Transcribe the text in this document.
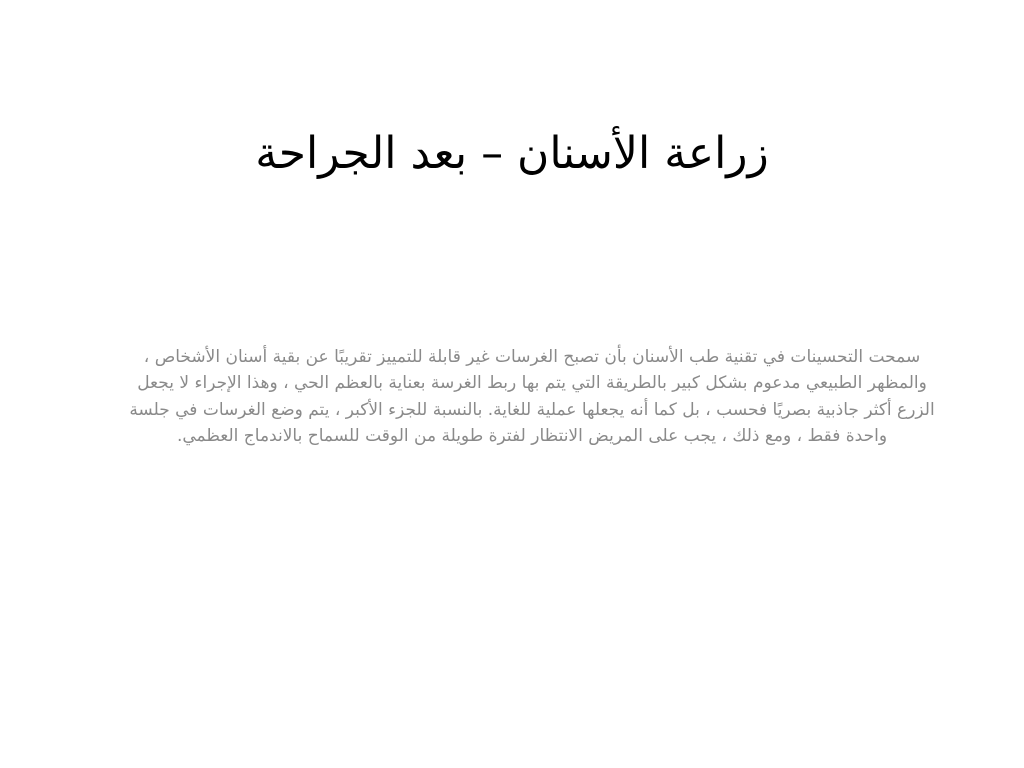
زراعة الأسنان – بعد الجراحة

سمحت التحسينات في تقنية طب الأسنان بأن تصبح الغرسات غير قابلة للتمييز تقريبًا عن بقية أسنان الأشخاص ، والمظهر الطبيعي مدعوم بشكل كبير بالطريقة التي يتم بها ربط الغرسة بعناية بالعظم الحي ، وهذا الإجراء لا يجعل الزرع أكثر جاذبية بصريًا فحسب ، بل كما أنه يجعلها عملية للغاية. بالنسبة للجزء الأكبر ، يتم وضع الغرسات في جلسة واحدة فقط ، ومع ذلك ، يجب على المريض الانتظار لفترة طويلة من الوقت للسماح بالاندماج العظمي.
